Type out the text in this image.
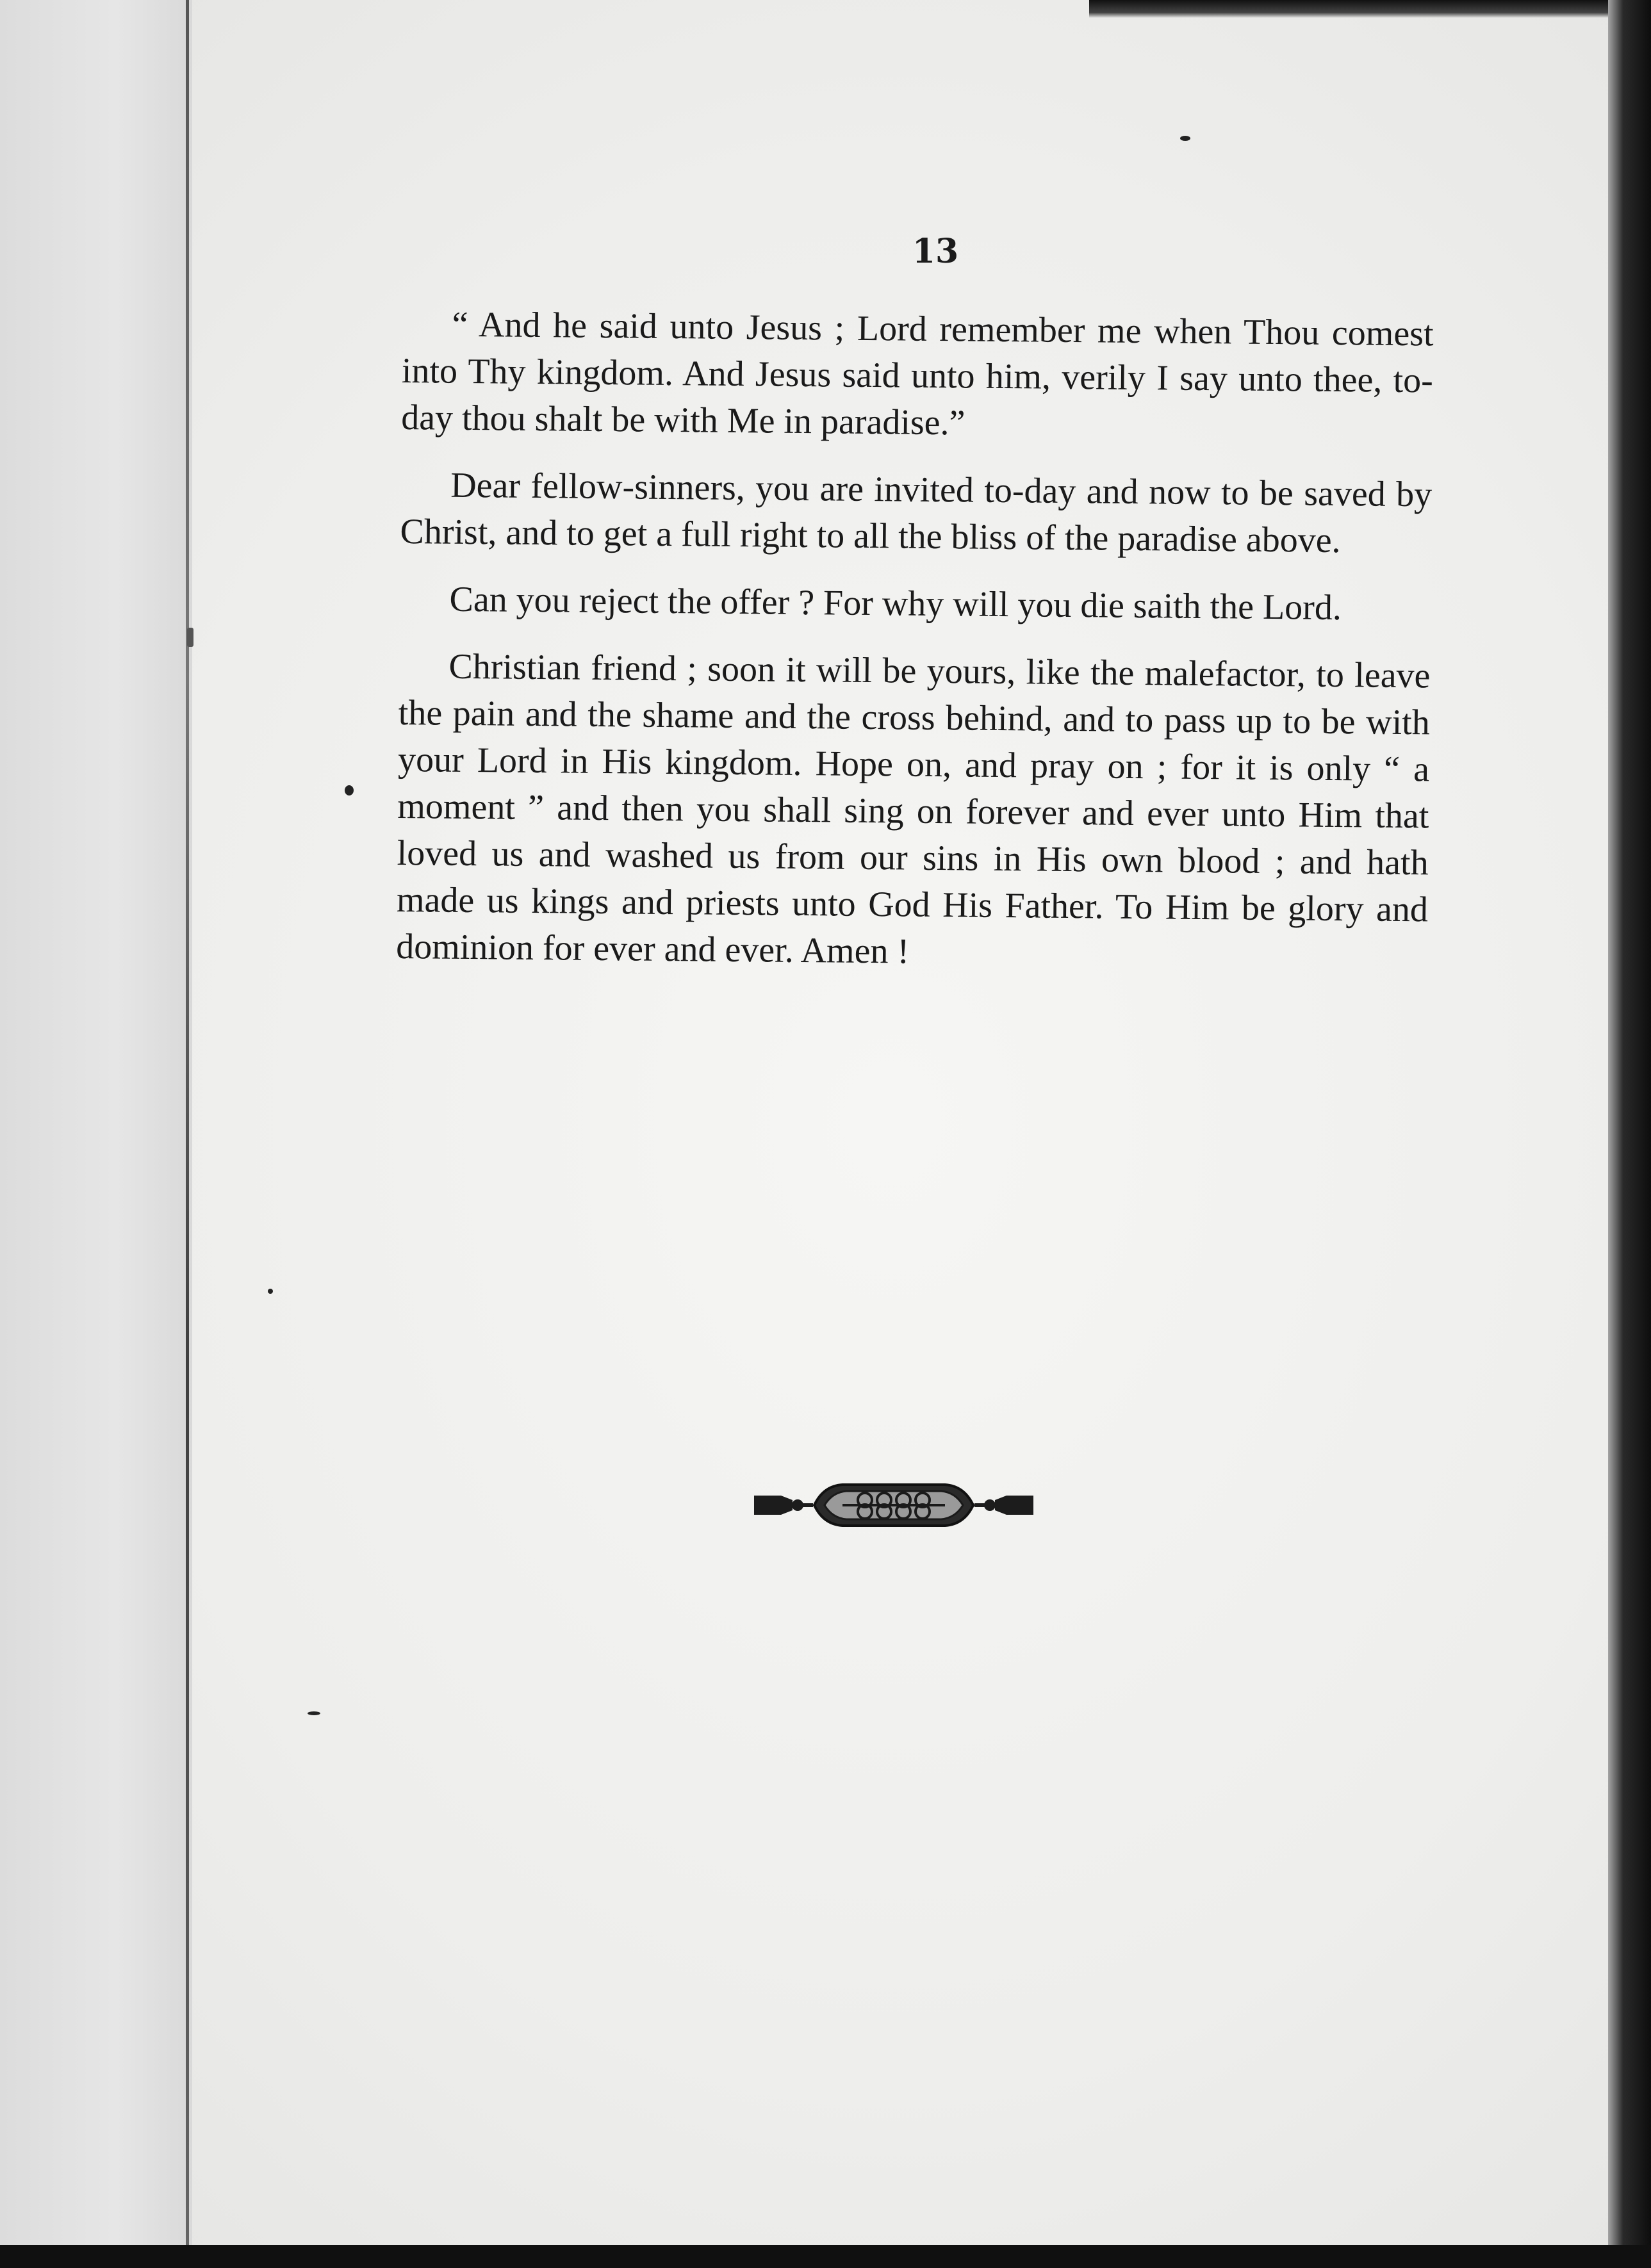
13

“ And he said unto Jesus ; Lord remember me when Thou comest into Thy kingdom. And Jesus said unto him, verily I say unto thee, to-day thou shalt be with Me in paradise.”

Dear fellow-sinners, you are invited to-day and now to be saved by Christ, and to get a full right to all the bliss of the paradise above.

Can you reject the offer ? For why will you die saith the Lord.

Christian friend ; soon it will be yours, like the malefactor, to leave the pain and the shame and the cross behind, and to pass up to be with your Lord in His kingdom. Hope on, and pray on ; for it is only “ a moment ” and then you shall sing on forever and ever unto Him that loved us and washed us from our sins in His own blood ; and hath made us kings and priests unto God His Father. To Him be glory and dominion for ever and ever. Amen !
